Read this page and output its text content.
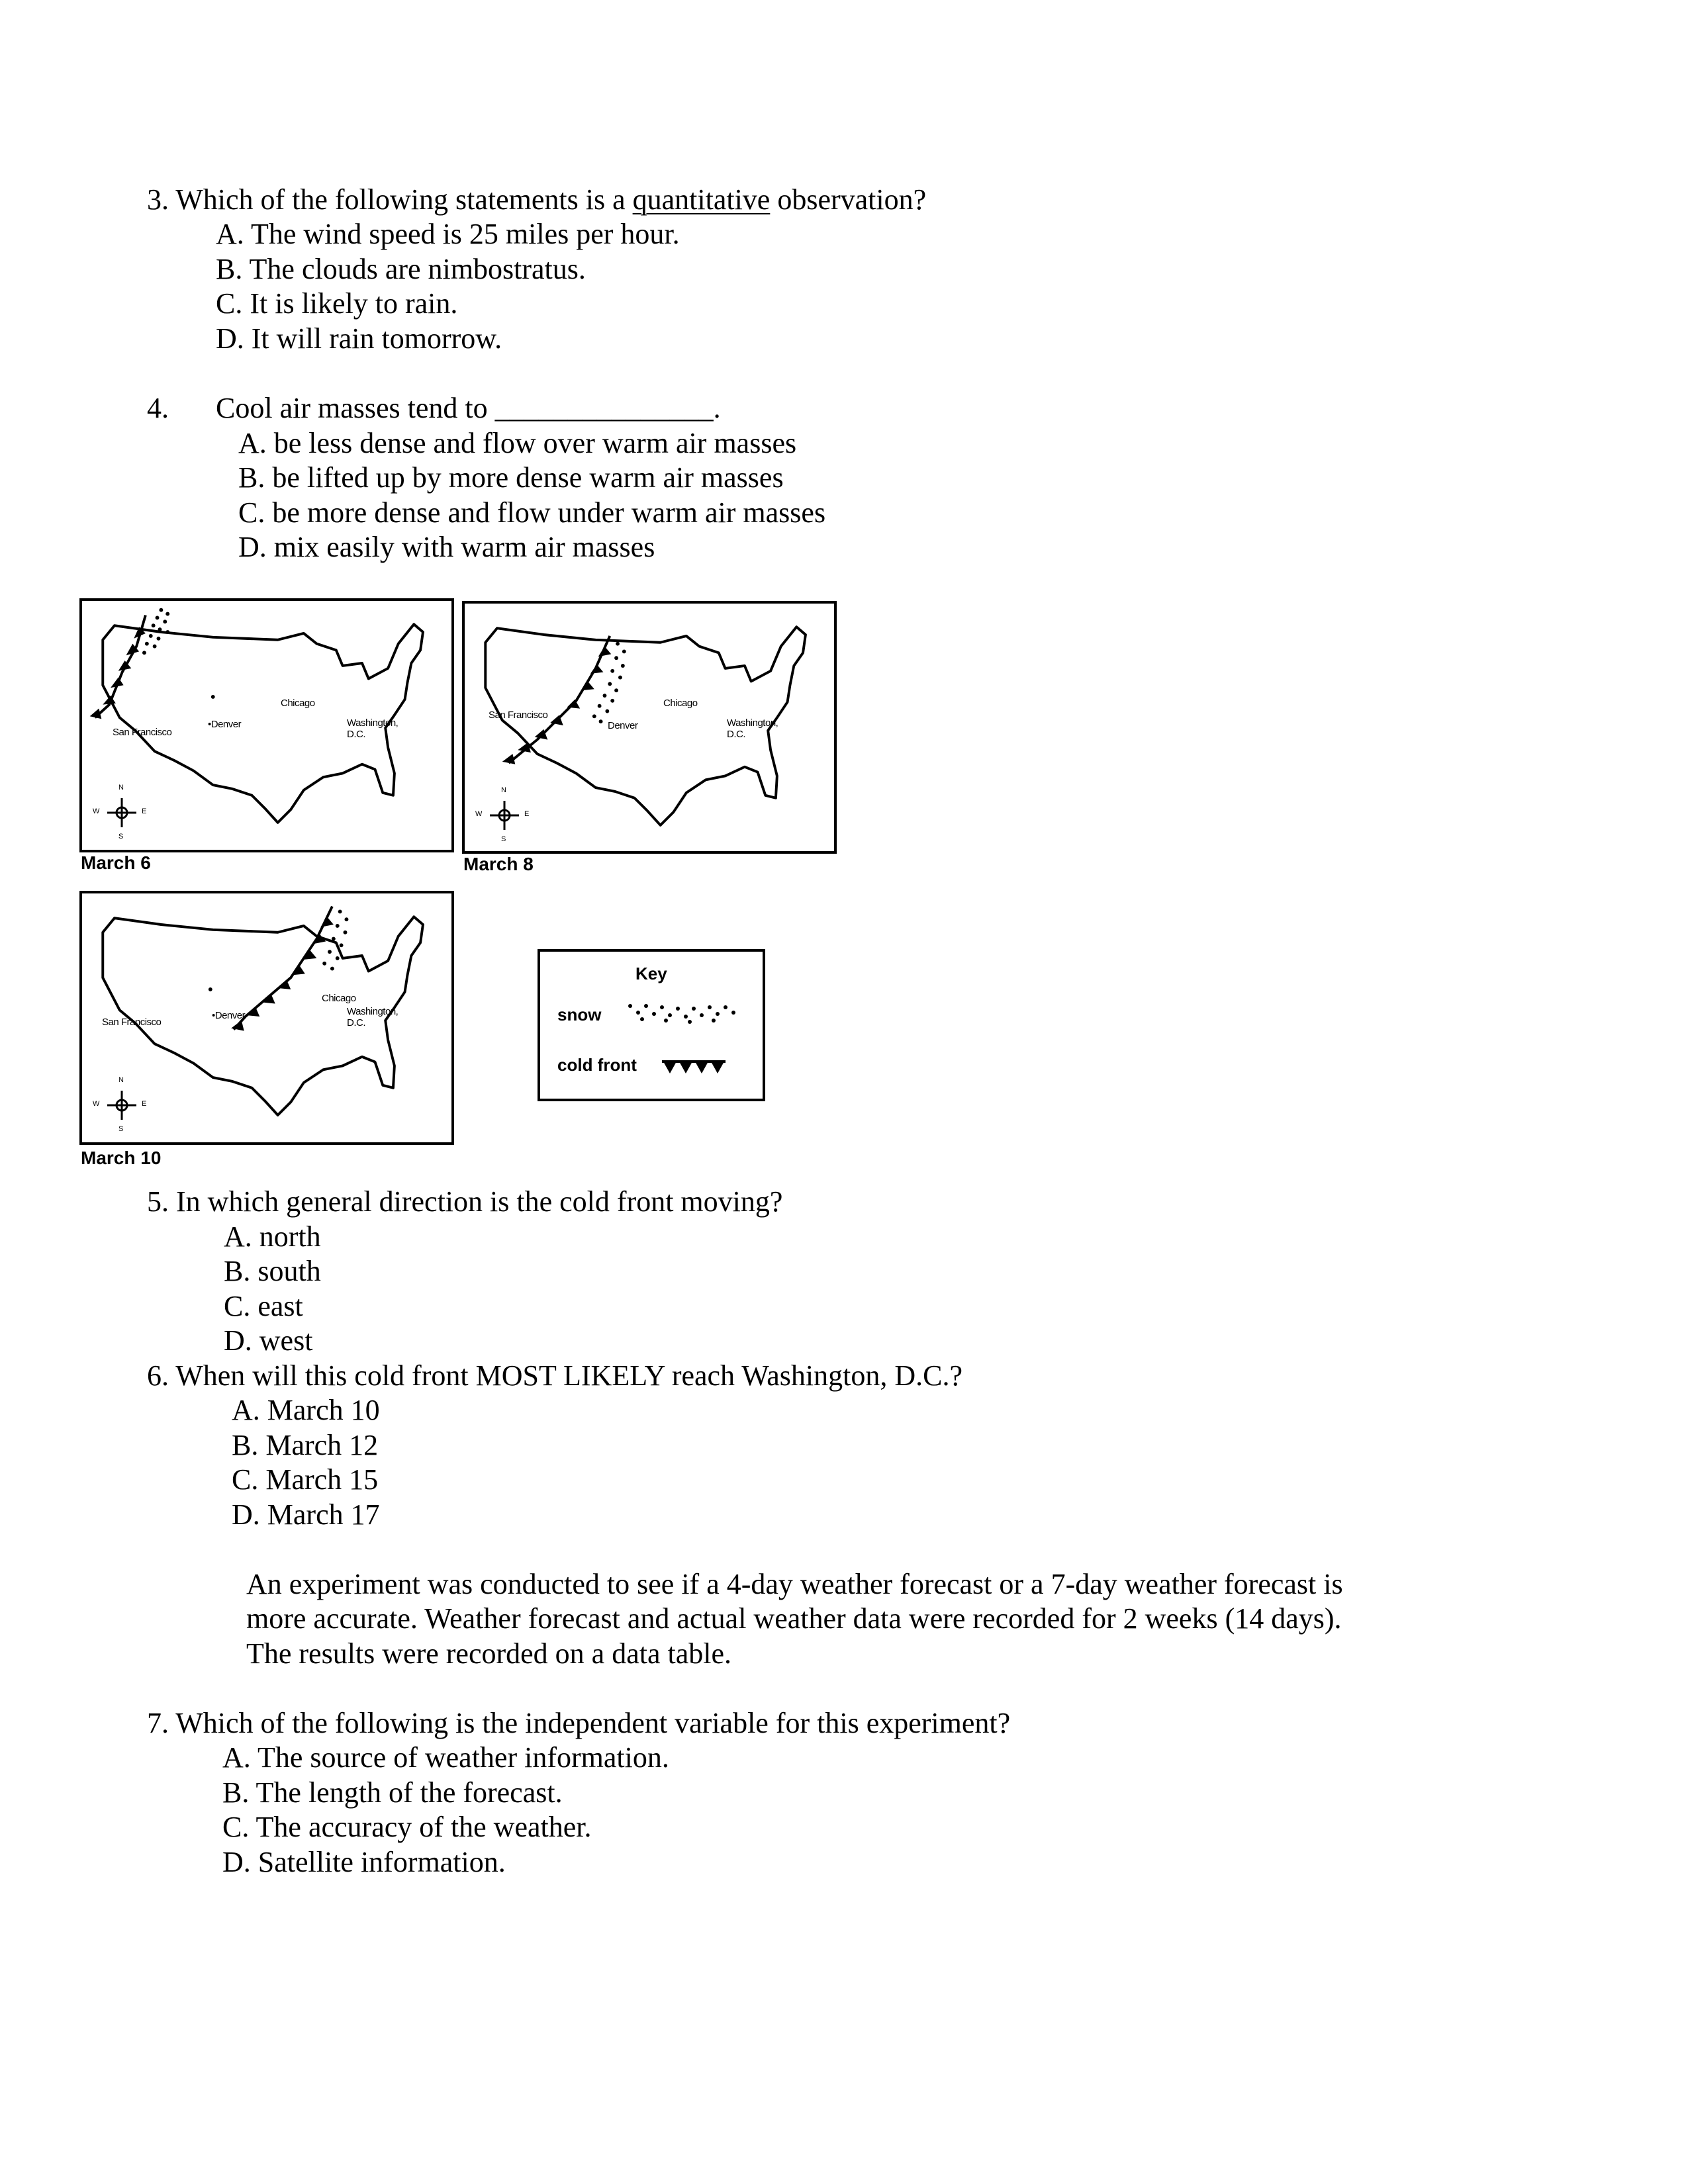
3. Which of the following statements is a quantitative observation?
A. The wind speed is 25 miles per hour.
B. The clouds are nimbostratus.
C. It is likely to rain.
D. It will rain tomorrow.
4. Cool air masses tend to _______________.
A. be less dense and flow over warm air masses
B. be lifted up by more dense warm air masses
C. be more dense and flow under warm air masses
D. mix easily with warm air masses
San Francisco
•Denver
Chicago
Washington, D.C.
N
S
E
W
March 6
San Francisco
Denver
Chicago
Washington, D.C.
N
S
E
W
March 8
San Francisco
•Denver
Chicago
Washington, D.C.
N
S
E
W
March 10
Key
snow
cold front
5. In which general direction is the cold front moving?
A. north
B. south
C. east
D. west
6. When will this cold front MOST LIKELY reach Washington, D.C.?
A. March 10
B. March 12
C. March 15
D. March 17
An experiment was conducted to see if a 4-day weather forecast or a 7-day weather forecast is
more accurate. Weather forecast and actual weather data were recorded for 2 weeks (14 days).
The results were recorded on a data table.
7. Which of the following is the independent variable for this experiment?
A. The source of weather information.
B. The length of the forecast.
C. The accuracy of the weather.
D. Satellite information.
